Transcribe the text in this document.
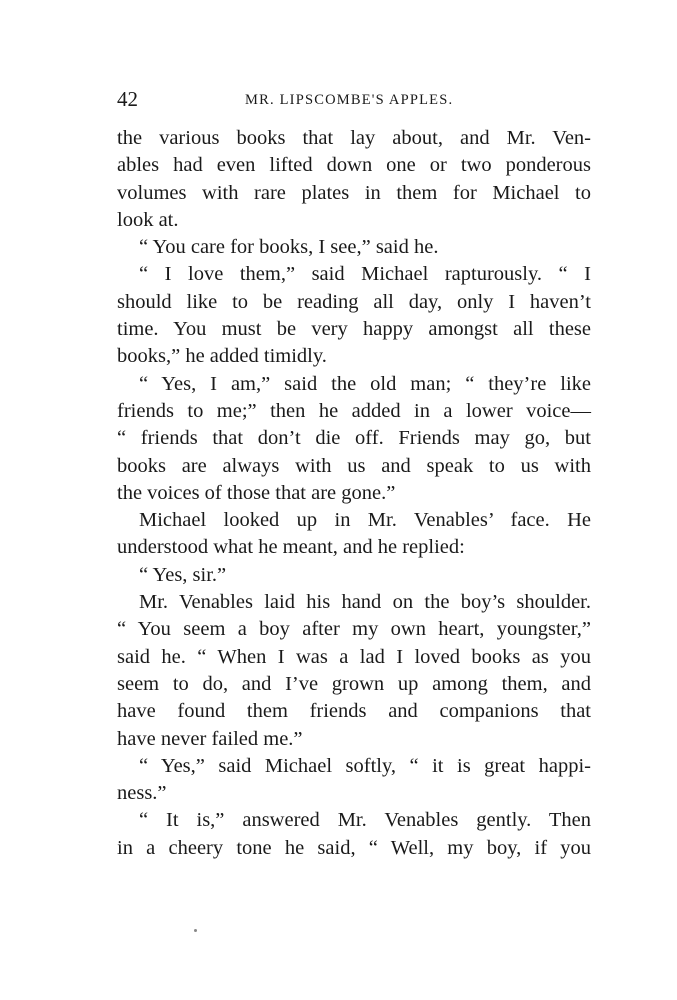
42	MR. LIPSCOMBE'S APPLES.
the various books that lay about, and Mr. Ven-
ables had even lifted down one or two ponderous
volumes with rare plates in them for Michael to
look at.
“ You care for books, I see,” said he.
“ I love them,” said Michael rapturously. “ I
should like to be reading all day, only I haven’t
time. You must be very happy amongst all these
books,” he added timidly.
“ Yes, I am,” said the old man; “ they’re like
friends to me;” then he added in a lower voice—
“ friends that don’t die off. Friends may go, but
books are always with us and speak to us with
the voices of those that are gone.”
Michael looked up in Mr. Venables’ face. He
understood what he meant, and he replied:
“ Yes, sir.”
Mr. Venables laid his hand on the boy’s shoulder.
“ You seem a boy after my own heart, youngster,”
said he. “ When I was a lad I loved books as you
seem to do, and I’ve grown up among them, and
have found them friends and companions that
have never failed me.”
“ Yes,” said Michael softly, “ it is great happi-
ness.”
“ It is,” answered Mr. Venables gently. Then
in a cheery tone he said, “ Well, my boy, if you
